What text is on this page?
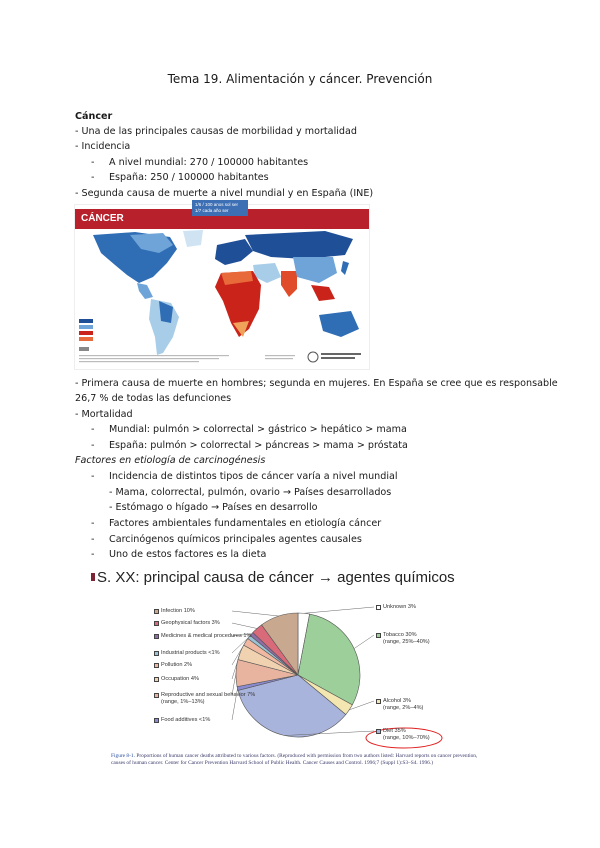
Tema 19. Alimentación y cáncer. Prevención
Cáncer
- Una de las principales causas de morbilidad y mortalidad
- Incidencia
- A nivel mundial: 270 / 100000 habitantes
- España: 250 / 100000 habitantes
- Segunda causa de muerte a nivel mundial y en España (INE)
CÁNCER
1/6 / 100 anos sol ser 1/7 cada año ser
- Primera causa de muerte en hombres; segunda en mujeres. En España se cree que es responsable
26,7 % de todas las defunciones
- Mortalidad
- Mundial: pulmón > colorrectal > gástrico > hepático > mama
- España: pulmón > colorrectal > páncreas > mama > próstata
Factores en etiología de carcinogénesis
- Incidencia de distintos tipos de cáncer varía a nivel mundial
- Mama, colorrectal, pulmón, ovario → Países desarrollados
- Estómago o hígado → Países en desarrollo
- Factores ambientales fundamentales en etiología cáncer
- Carcinógenos químicos principales agentes causales
- Uno de estos factores es la dieta
S. XX: principal causa de cáncer → agentes químicos
Unknown 3%
Tobacco 30%
(range, 25%–40%)
Alcohol 3%
(range, 2%–4%)
Diet 35%
(range, 10%–70%)
Food additives <1%
Reproductive and sexual behavior 7%
(range, 1%–13%)
Occupation 4%
Pollution 2%
Industrial products <1%
Medicines & medical procedures 1%
Geophysical factors 3%
Infection 10%
Figure 8-1. Proportions of human cancer deaths attributed to various factors. (Reproduced with permission from two authors listed: Harvard reports on cancer prevention, causes of human cancer. Center for Cancer Prevention Harvard School of Public Health. Cancer Causes and Control. 1996;7 (Suppl 1):S3–S4. 1996.)
